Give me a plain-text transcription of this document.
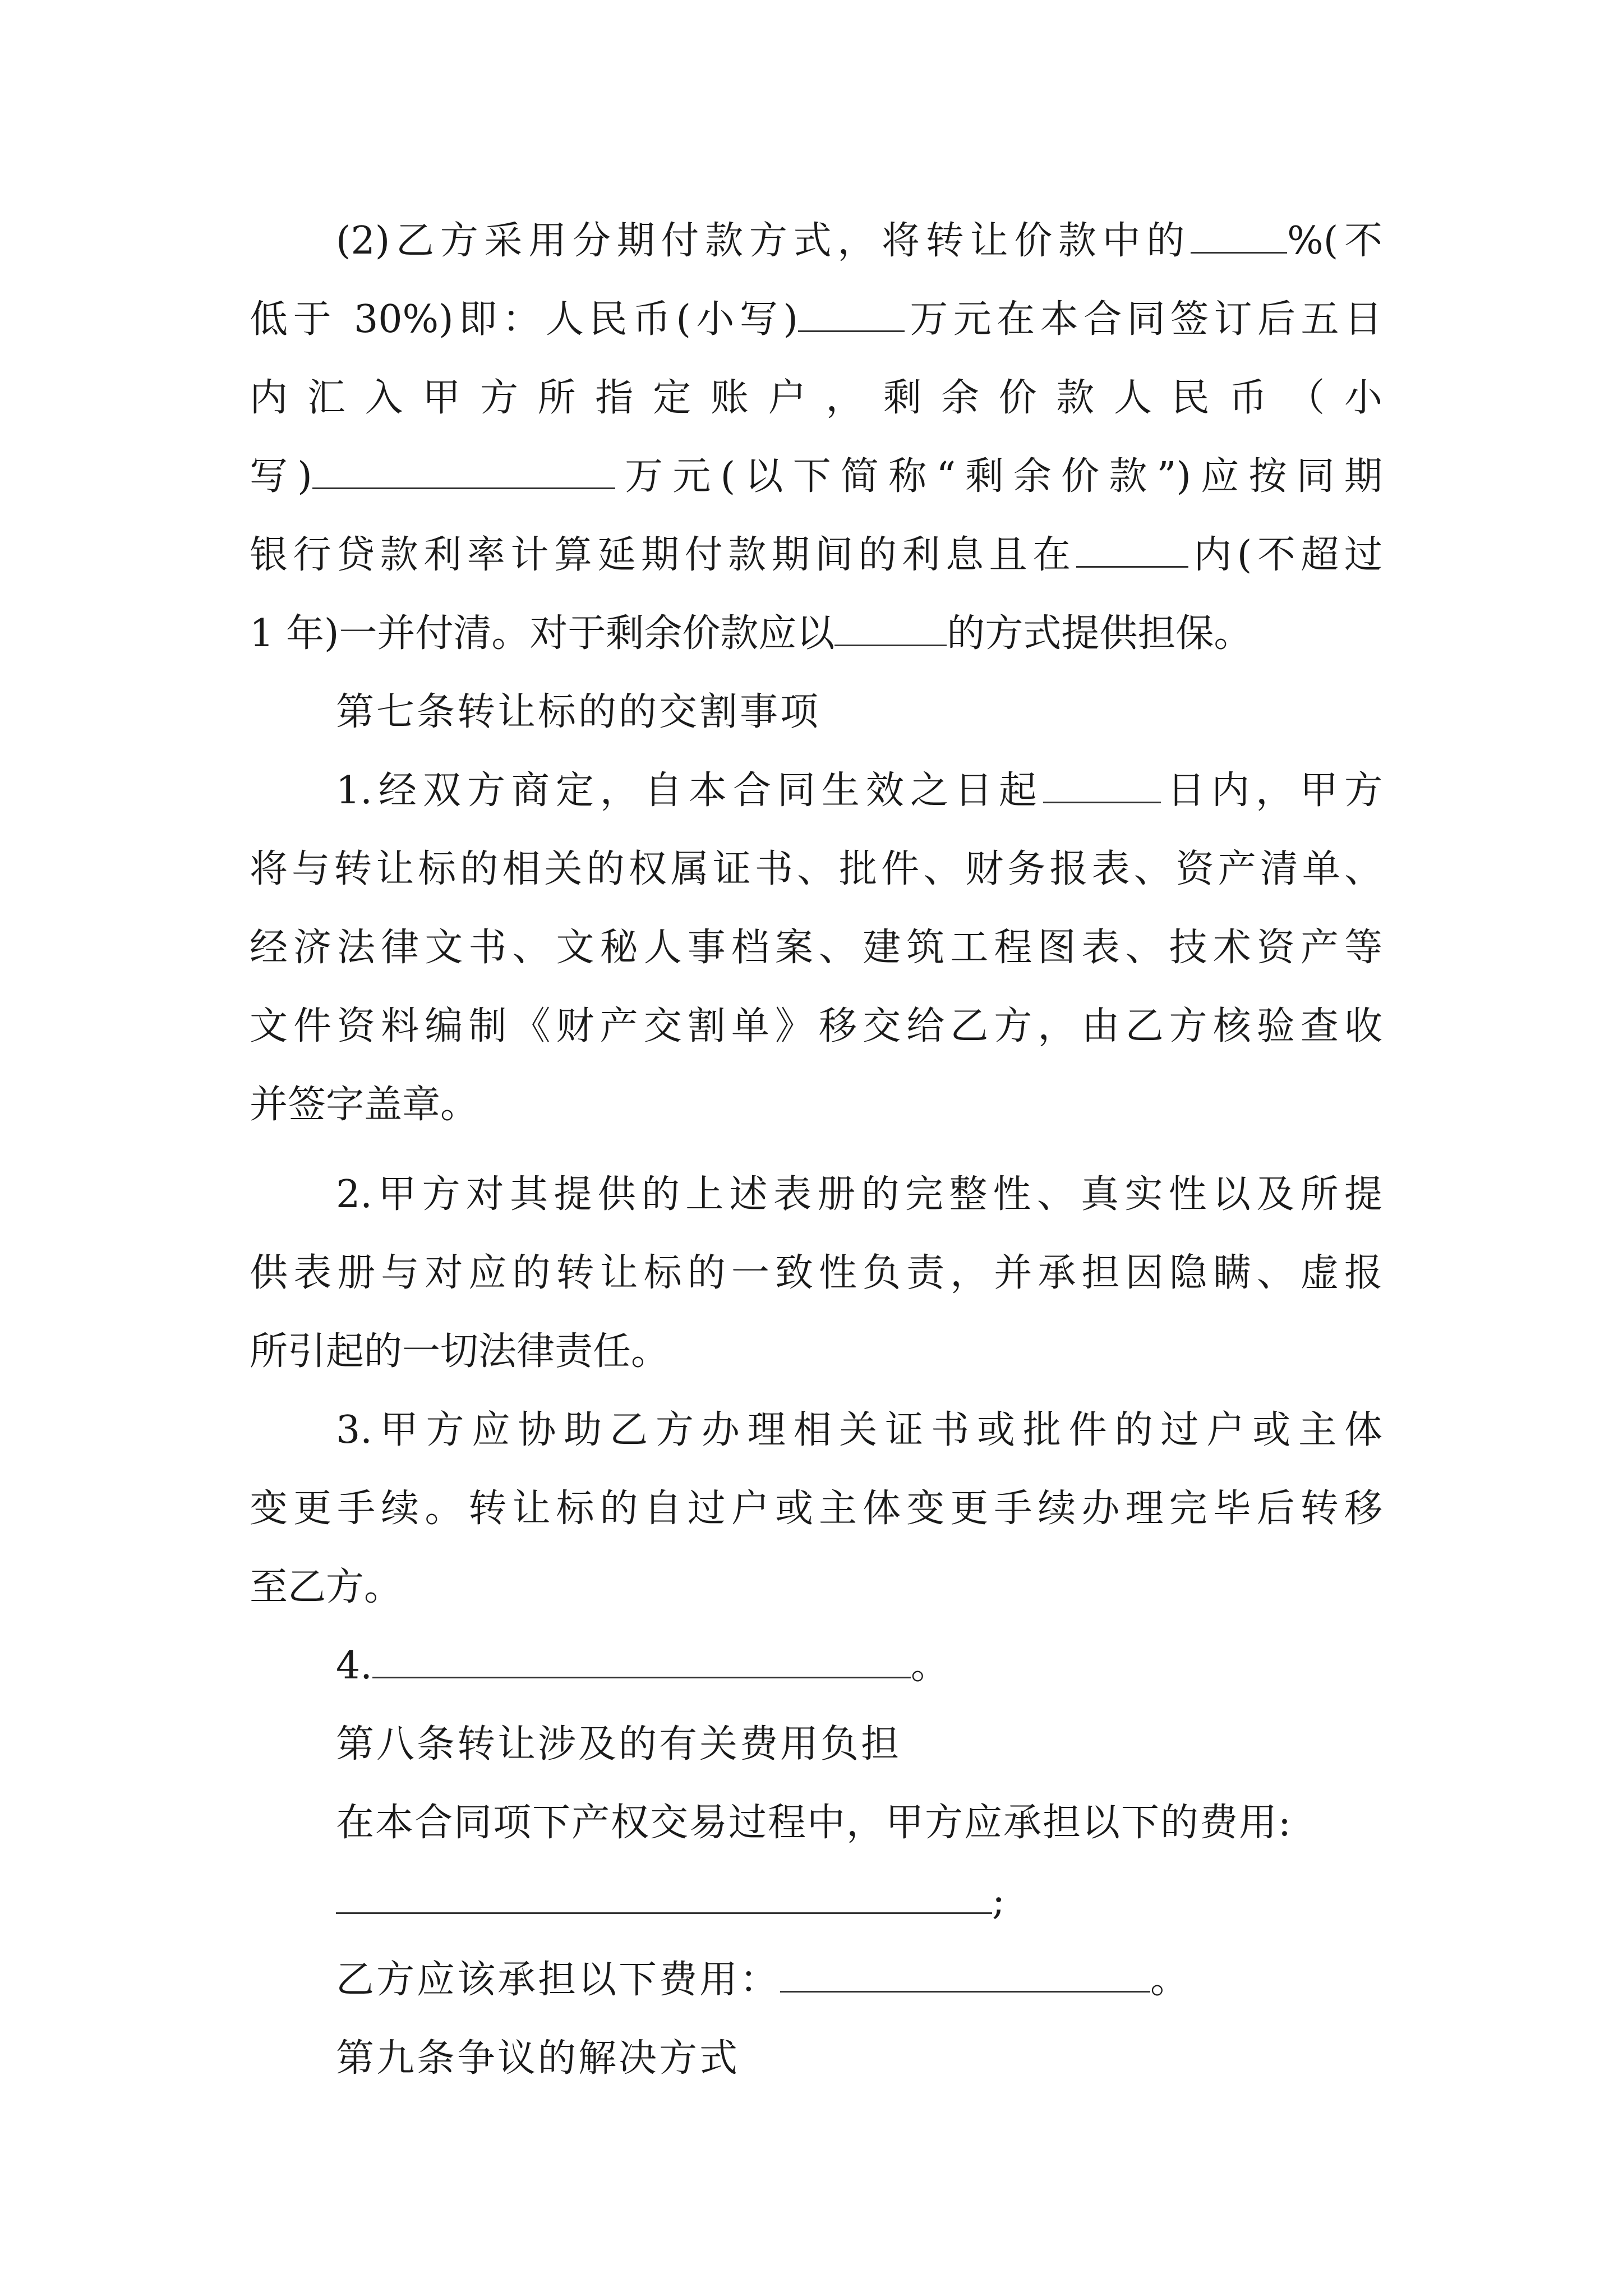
(2)乙方采用分期付款方式，将转让价款中的	%(不
低于 30%)即：人民币(小写)	万元在本合同签订后五日
内 汇 入 甲 方 所 指 定 账 户 ， 剩 余 价 款 人 民 币 （ 小
写)	万元(以下简称“剩余价款”)应按同期
银行贷款利率计算延期付款期间的利息且在	内(不超过
1 年)一并付清。对于剩余价款应以	的方式提供担保。

第七条转让标的的交割事项

1.经双方商定，自本合同生效之日起	日内，甲方
将与转让标的相关的权属证书、批件、财务报表、资产清单、
经济法律文书、文秘人事档案、建筑工程图表、技术资产等
文件资料编制《财产交割单》移交给乙方，由乙方核验查收
并签字盖章。
2.甲方对其提供的上述表册的完整性、真实性以及所提
供表册与对应的转让标的一致性负责，并承担因隐瞒、虚报
所引起的一切法律责任。
3.甲方应协助乙方办理相关证书或批件的过户或主体
变更手续。转让标的自过户或主体变更手续办理完毕后转移
至乙方。
4.	。

第八条转让涉及的有关费用负担

在本合同项下产权交易过程中，甲方应承担以下的费用:

;

乙方应该承担以下费用：	。

第九条争议的解决方式
